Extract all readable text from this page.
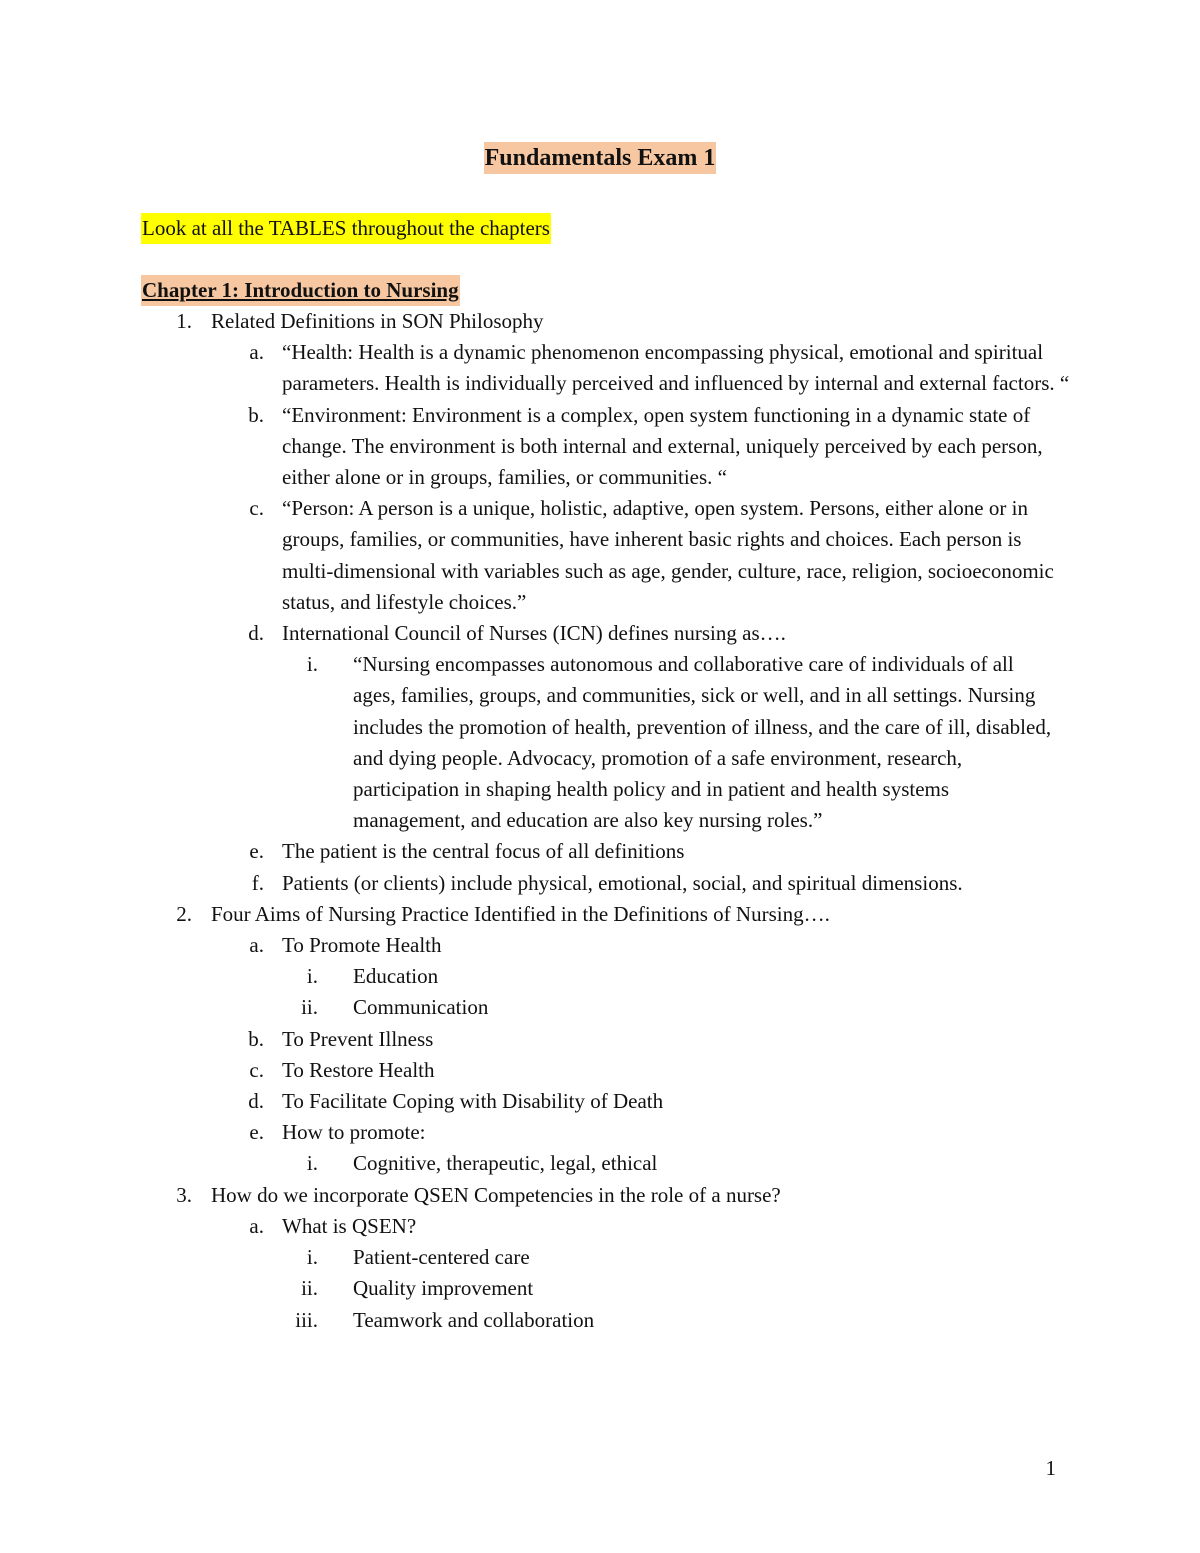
Fundamentals Exam 1
Look at all the TABLES throughout the chapters
Chapter 1: Introduction to Nursing
1. Related Definitions in SON Philosophy
a. “Health: Health is a dynamic phenomenon encompassing physical, emotional and spiritual parameters. Health is individually perceived and influenced by internal and external factors. “
b. “Environment: Environment is a complex, open system functioning in a dynamic state of change. The environment is both internal and external, uniquely perceived by each person, either alone or in groups, families, or communities. “
c. “Person: A person is a unique, holistic, adaptive, open system. Persons, either alone or in groups, families, or communities, have inherent basic rights and choices. Each person is multi-dimensional with variables such as age, gender, culture, race, religion, socioeconomic status, and lifestyle choices.”
d. International Council of Nurses (ICN) defines nursing as….
i. “Nursing encompasses autonomous and collaborative care of individuals of all ages, families, groups, and communities, sick or well, and in all settings. Nursing includes the promotion of health, prevention of illness, and the care of ill, disabled, and dying people. Advocacy, promotion of a safe environment, research, participation in shaping health policy and in patient and health systems management, and education are also key nursing roles.”
e. The patient is the central focus of all definitions
f. Patients (or clients) include physical, emotional, social, and spiritual dimensions.
2. Four Aims of Nursing Practice Identified in the Definitions of Nursing….
a. To Promote Health
i. Education
ii. Communication
b. To Prevent Illness
c. To Restore Health
d. To Facilitate Coping with Disability of Death
e. How to promote:
i. Cognitive, therapeutic, legal, ethical
3. How do we incorporate QSEN Competencies in the role of a nurse?
a. What is QSEN?
i. Patient-centered care
ii. Quality improvement
iii. Teamwork and collaboration
1
